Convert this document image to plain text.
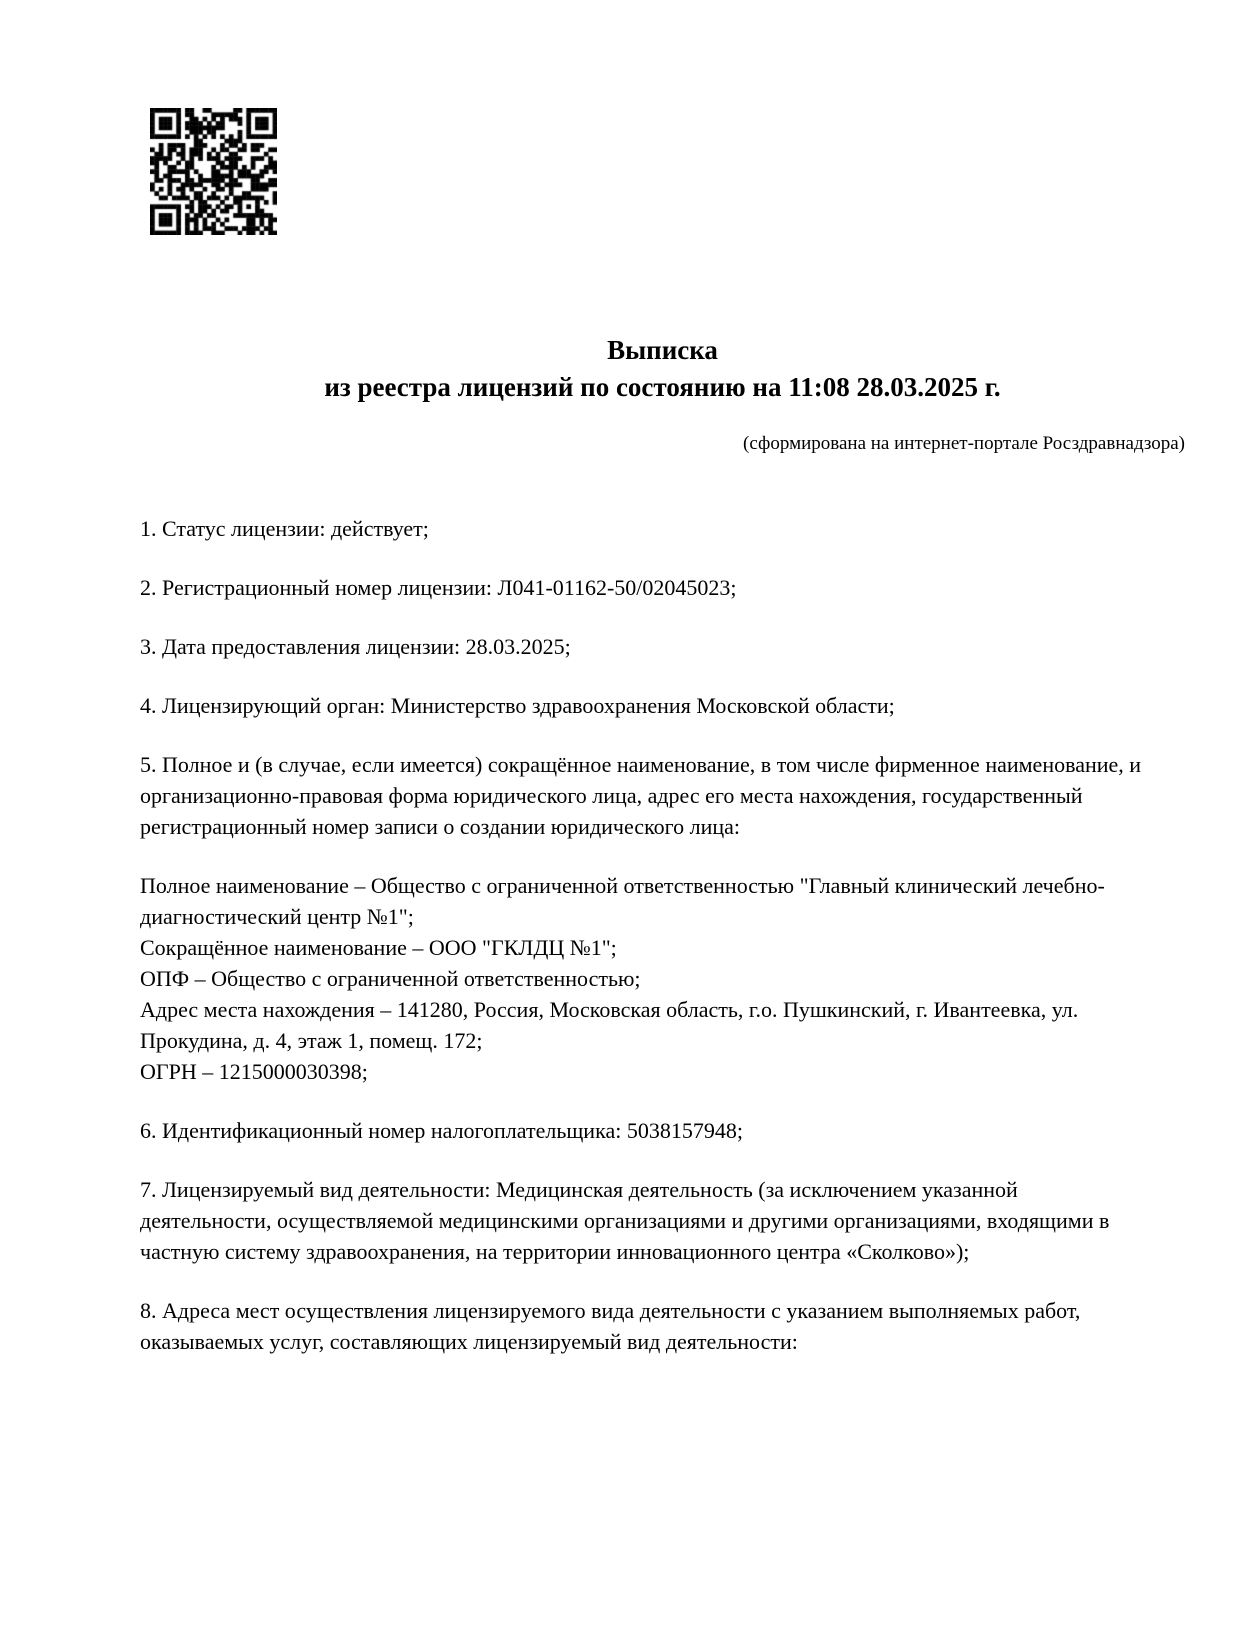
Выписка
из реестра лицензий по состоянию на 11:08 28.03.2025 г.
(сформирована на интернет-портале Росздравнадзора)

1. Статус лицензии: действует;

2. Регистрационный номер лицензии: Л041-01162-50/02045023;

3. Дата предоставления лицензии: 28.03.2025;

4. Лицензирующий орган: Министерство здравоохранения Московской области;

5. Полное и (в случае, если имеется) сокращённое наименование, в том числе фирменное наименование, и организационно-правовая форма юридического лица, адрес его места нахождения, государственный регистрационный номер записи о создании юридического лица:

Полное наименование – Общество с ограниченной ответственностью "Главный клинический лечебно-диагностический центр №1";
Сокращённое наименование – ООО "ГКЛДЦ №1";
ОПФ – Общество с ограниченной ответственностью;
Адрес места нахождения – 141280, Россия, Московская область, г.о. Пушкинский, г. Ивантеевка, ул. Прокудина, д. 4, этаж 1, помещ. 172;
ОГРН – 1215000030398;

6. Идентификационный номер налогоплательщика: 5038157948;

7. Лицензируемый вид деятельности: Медицинская деятельность (за исключением указанной деятельности, осуществляемой медицинскими организациями и другими организациями, входящими в частную систему здравоохранения, на территории инновационного центра «Сколково»);

8. Адреса мест осуществления лицензируемого вида деятельности с указанием выполняемых работ, оказываемых услуг, составляющих лицензируемый вид деятельности:
